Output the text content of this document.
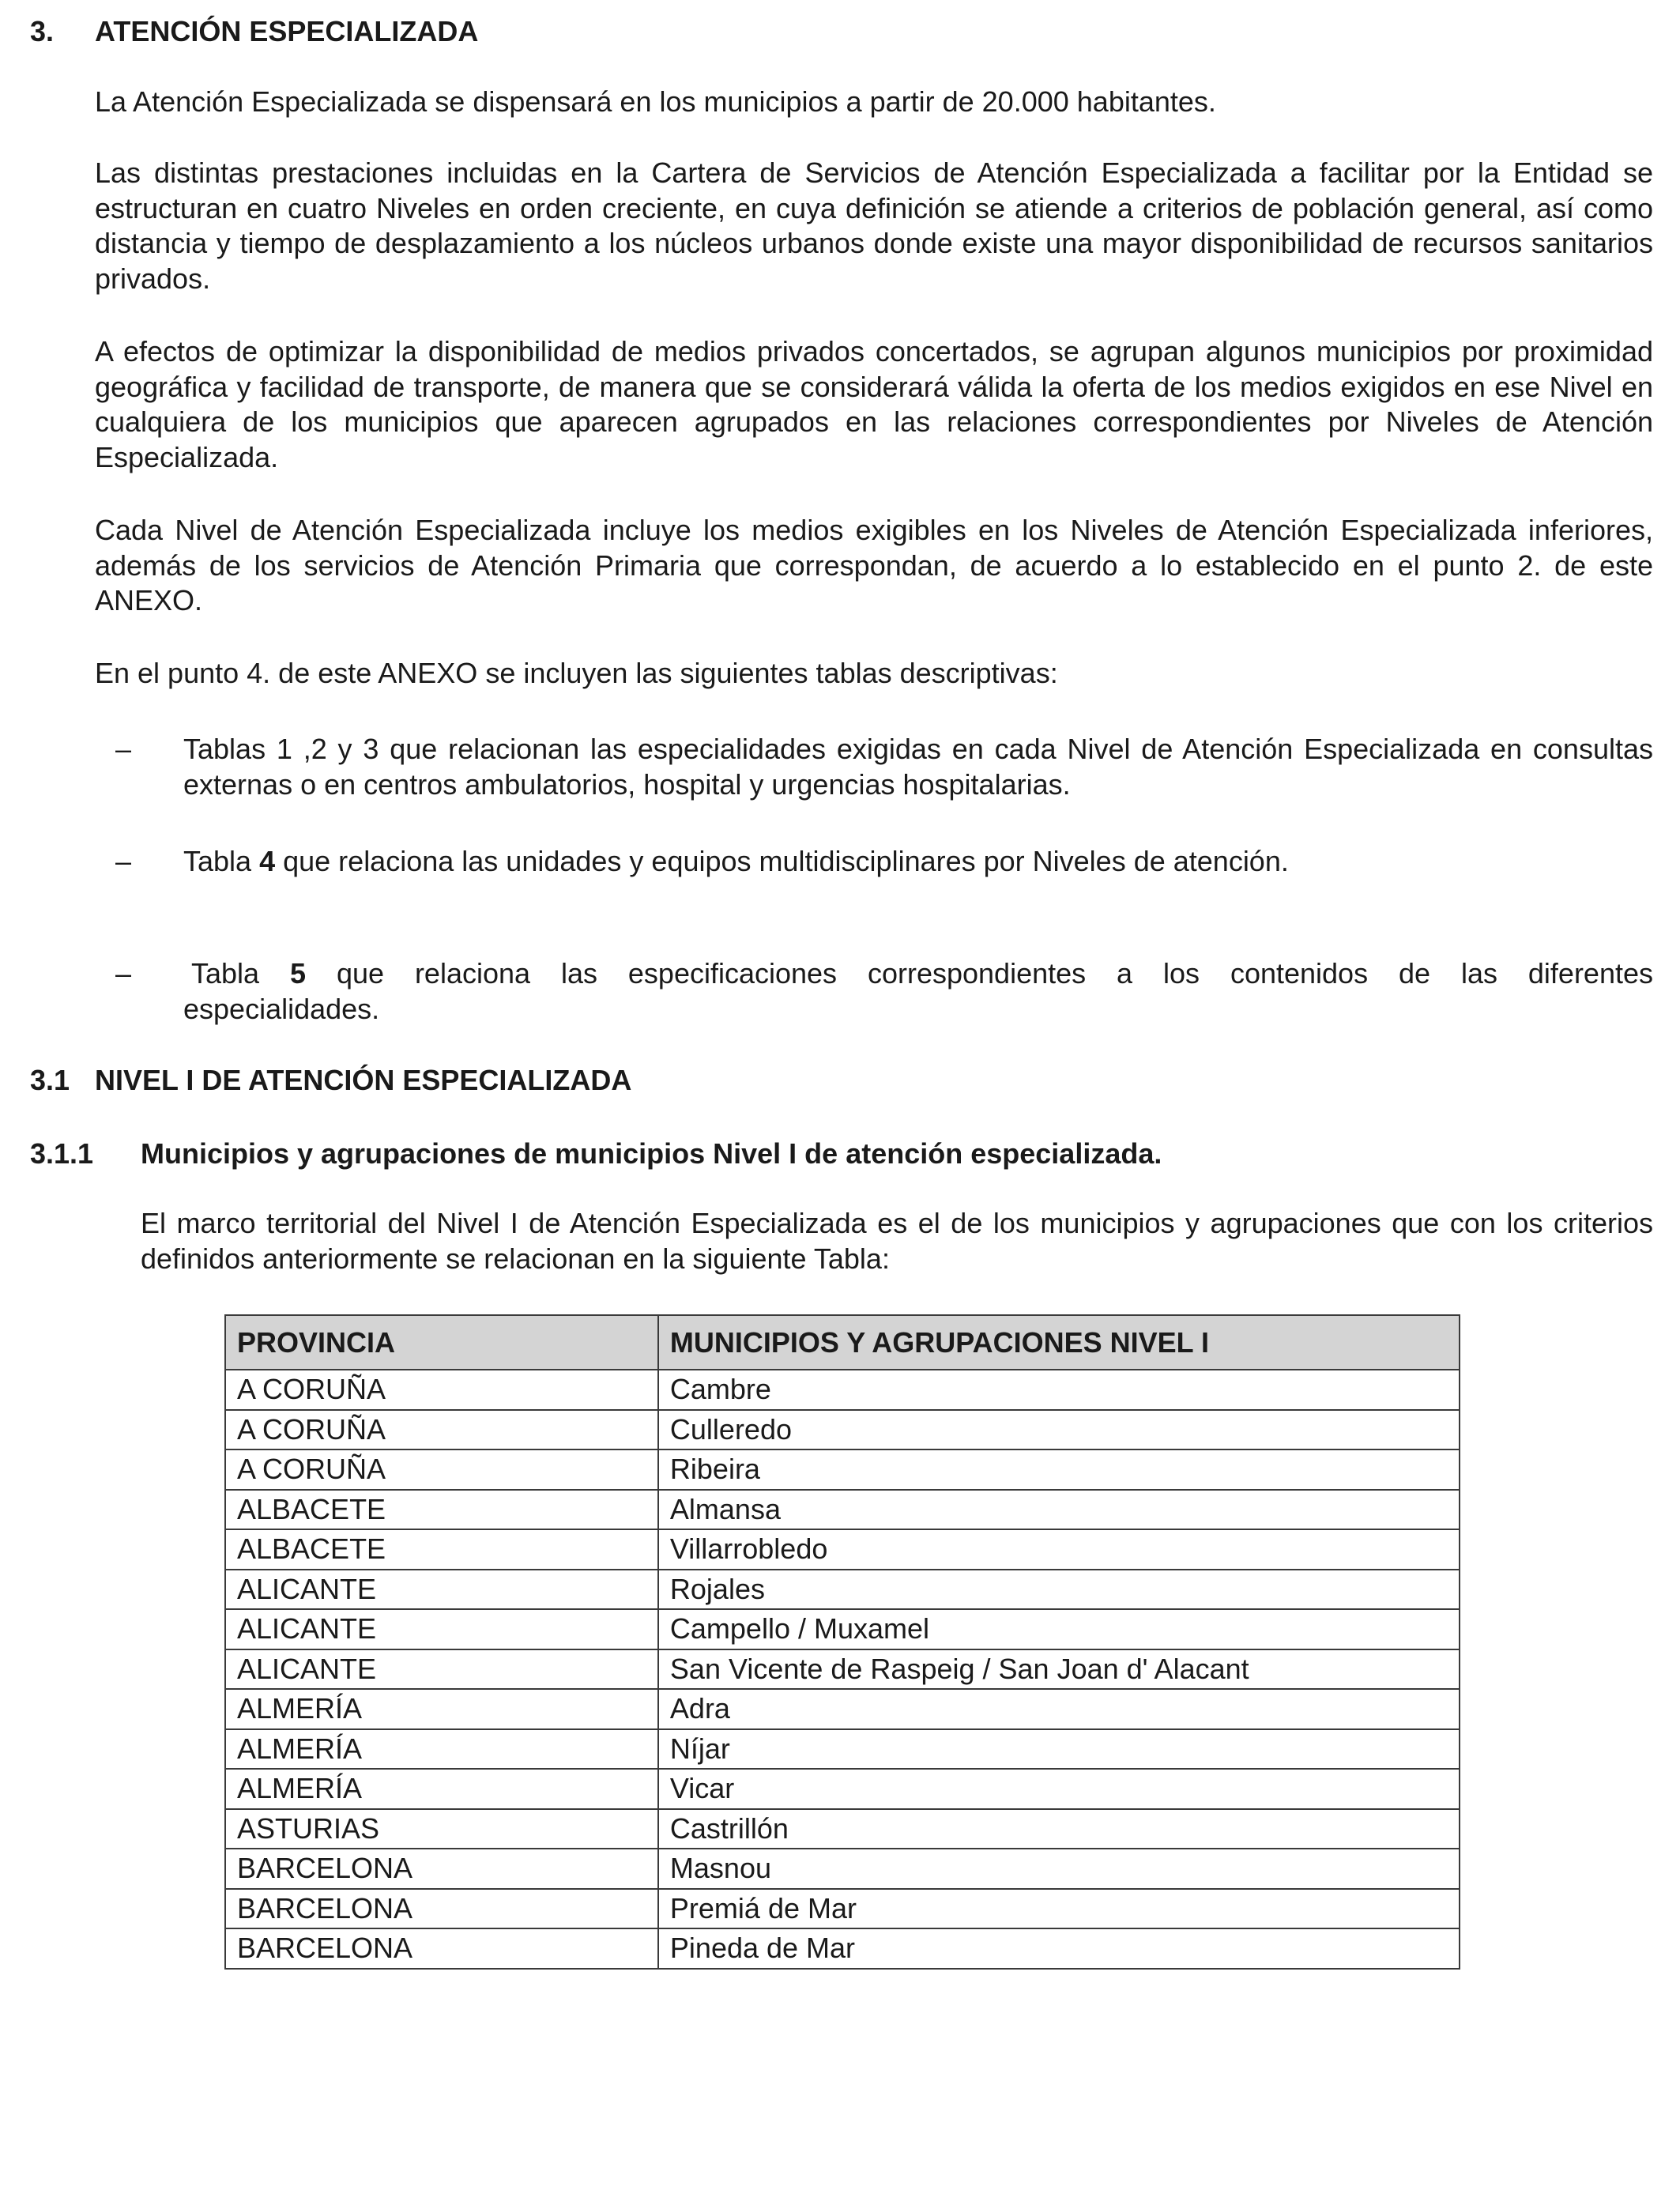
3. ATENCIÓN ESPECIALIZADA

La Atención Especializada se dispensará en los municipios a partir de 20.000 habitantes.

Las distintas prestaciones incluidas en la Cartera de Servicios de Atención Especializada a facilitar por la Entidad se estructuran en cuatro Niveles en orden creciente, en cuya definición se atiende a criterios de población general, así como distancia y tiempo de desplazamiento a los núcleos urbanos donde existe una mayor disponibilidad de recursos sanitarios privados.

A efectos de optimizar la disponibilidad de medios privados concertados, se agrupan algunos municipios por proximidad geográfica y facilidad de transporte, de manera que se considerará válida la oferta de los medios exigidos en ese Nivel en cualquiera de los municipios que aparecen agrupados en las relaciones correspondientes por Niveles de Atención Especializada.

Cada Nivel de Atención Especializada incluye los medios exigibles en los Niveles de Atención Especializada inferiores, además de los servicios de Atención Primaria que correspondan, de acuerdo a lo establecido en el punto 2. de este ANEXO.

En el punto 4. de este ANEXO se incluyen las siguientes tablas descriptivas:

– Tablas 1 ,2 y 3 que relacionan las especialidades exigidas en cada Nivel de Atención Especializada en consultas externas o en centros ambulatorios, hospital y urgencias hospitalarias.
– Tabla 4 que relaciona las unidades y equipos multidisciplinares por Niveles de atención.
– Tabla 5 que relaciona las especificaciones correspondientes a los contenidos de las diferentes especialidades.
3.1 NIVEL I DE ATENCIÓN ESPECIALIZADA
3.1.1 Municipios y agrupaciones de municipios Nivel I de atención especializada.

El marco territorial del Nivel I de Atención Especializada es el de los municipios y agrupaciones que con los criterios definidos anteriormente se relacionan en la siguiente Tabla:

PROVINCIA	MUNICIPIOS Y AGRUPACIONES NIVEL I
A CORUÑA	Cambre
A CORUÑA	Culleredo
A CORUÑA	Ribeira
ALBACETE	Almansa
ALBACETE	Villarrobledo
ALICANTE	Rojales
ALICANTE	Campello / Muxamel
ALICANTE	San Vicente de Raspeig / San Joan d' Alacant
ALMERÍA	Adra
ALMERÍA	Níjar
ALMERÍA	Vicar
ASTURIAS	Castrillón
BARCELONA	Masnou
BARCELONA	Premiá de Mar
BARCELONA	Pineda de Mar
